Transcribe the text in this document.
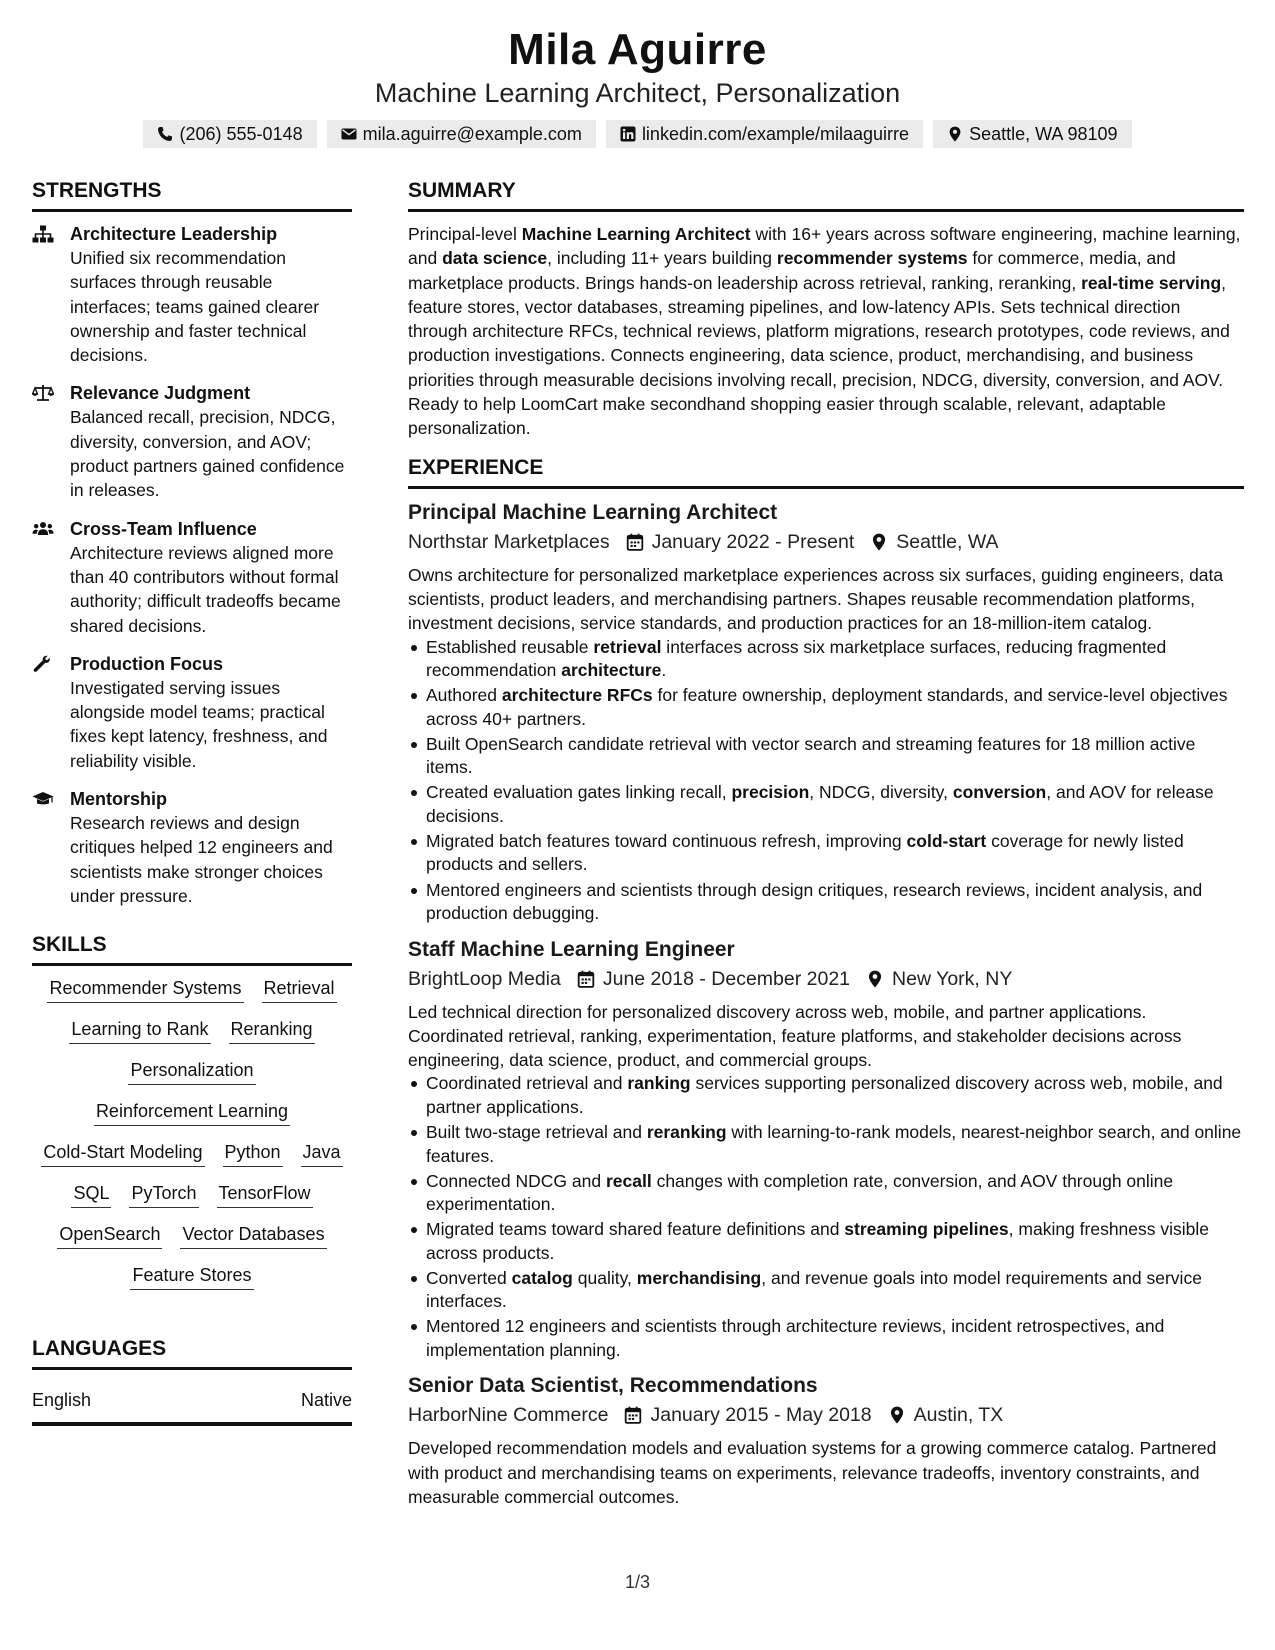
Mila Aguirre
Machine Learning Architect, Personalization
(206) 555-0148	mila.aguirre@example.com	linkedin.com/example/milaaguirre	Seattle, WA 98109
STRENGTHS
Architecture Leadership
Unified six recommendation surfaces through reusable interfaces; teams gained clearer ownership and faster technical decisions.
Relevance Judgment
Balanced recall, precision, NDCG, diversity, conversion, and AOV; product partners gained confidence in releases.
Cross-Team Influence
Architecture reviews aligned more than 40 contributors without formal authority; difficult tradeoffs became shared decisions.
Production Focus
Investigated serving issues alongside model teams; practical fixes kept latency, freshness, and reliability visible.
Mentorship
Research reviews and design critiques helped 12 engineers and scientists make stronger choices under pressure.
SKILLS
Recommender Systems Retrieval
Learning to Rank Reranking
Personalization
Reinforcement Learning
Cold-Start Modeling Python Java
SQL PyTorch TensorFlow
OpenSearch Vector Databases
Feature Stores
LANGUAGES
English	Native
SUMMARY
Principal-level Machine Learning Architect with 16+ years across software engineering, machine learning, and data science, including 11+ years building recommender systems for commerce, media, and marketplace products. Brings hands-on leadership across retrieval, ranking, reranking, real-time serving, feature stores, vector databases, streaming pipelines, and low-latency APIs. Sets technical direction through architecture RFCs, technical reviews, platform migrations, research prototypes, code reviews, and production investigations. Connects engineering, data science, product, merchandising, and business priorities through measurable decisions involving recall, precision, NDCG, diversity, conversion, and AOV. Ready to help LoomCart make secondhand shopping easier through scalable, relevant, adaptable personalization.
EXPERIENCE
Principal Machine Learning Architect
Northstar Marketplaces January 2022 - Present Seattle, WA
Owns architecture for personalized marketplace experiences across six surfaces, guiding engineers, data scientists, product leaders, and merchandising partners. Shapes reusable recommendation platforms, investment decisions, service standards, and production practices for an 18-million-item catalog.
Established reusable retrieval interfaces across six marketplace surfaces, reducing fragmented recommendation architecture.
Authored architecture RFCs for feature ownership, deployment standards, and service-level objectives across 40+ partners.
Built OpenSearch candidate retrieval with vector search and streaming features for 18 million active items.
Created evaluation gates linking recall, precision, NDCG, diversity, conversion, and AOV for release decisions.
Migrated batch features toward continuous refresh, improving cold-start coverage for newly listed products and sellers.
Mentored engineers and scientists through design critiques, research reviews, incident analysis, and production debugging.
Staff Machine Learning Engineer
BrightLoop Media June 2018 - December 2021 New York, NY
Led technical direction for personalized discovery across web, mobile, and partner applications. Coordinated retrieval, ranking, experimentation, feature platforms, and stakeholder decisions across engineering, data science, product, and commercial groups.
Coordinated retrieval and ranking services supporting personalized discovery across web, mobile, and partner applications.
Built two-stage retrieval and reranking with learning-to-rank models, nearest-neighbor search, and online features.
Connected NDCG and recall changes with completion rate, conversion, and AOV through online experimentation.
Migrated teams toward shared feature definitions and streaming pipelines, making freshness visible across products.
Converted catalog quality, merchandising, and revenue goals into model requirements and service interfaces.
Mentored 12 engineers and scientists through architecture reviews, incident retrospectives, and implementation planning.
Senior Data Scientist, Recommendations
HarborNine Commerce January 2015 - May 2018 Austin, TX
Developed recommendation models and evaluation systems for a growing commerce catalog. Partnered with product and merchandising teams on experiments, relevance tradeoffs, inventory constraints, and measurable commercial outcomes.
1/3
